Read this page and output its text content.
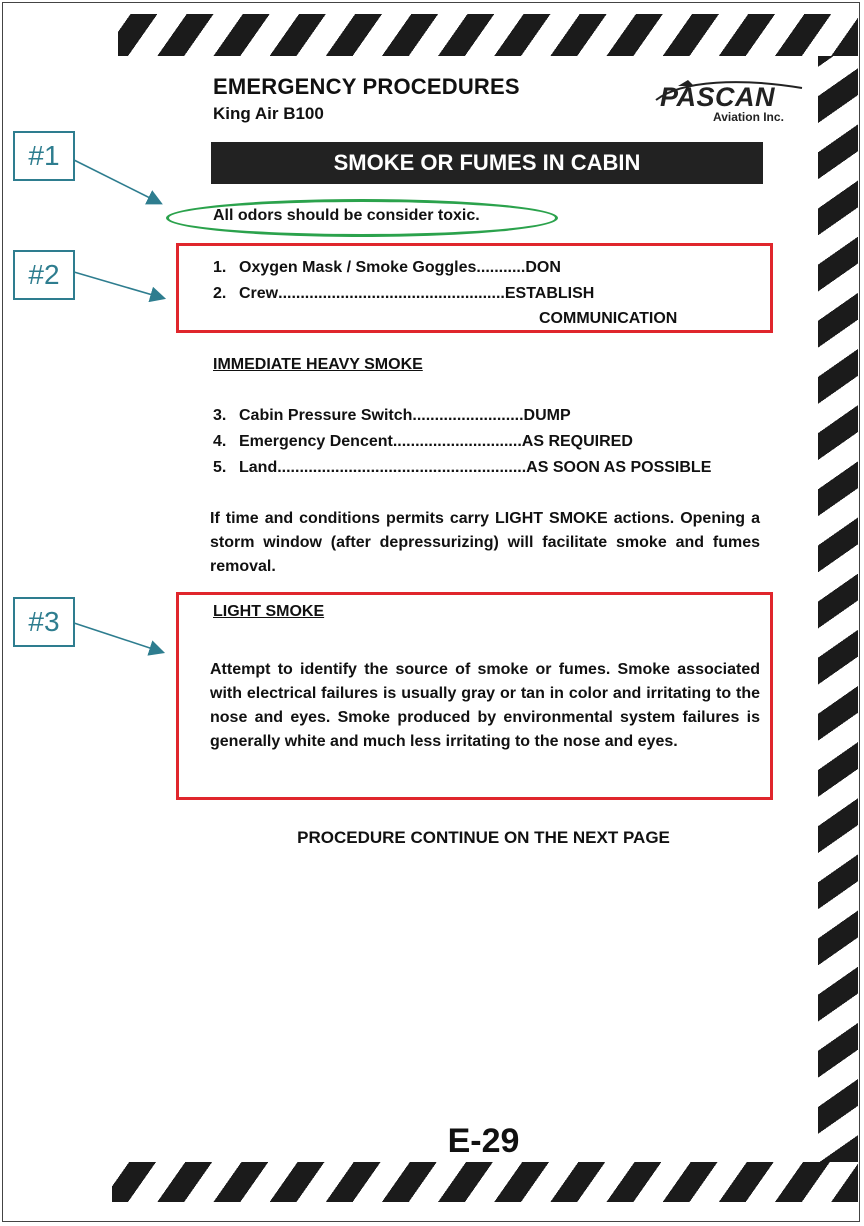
EMERGENCY PROCEDURES
King Air B100
PASCAN
Aviation Inc.
SMOKE OR FUMES IN CABIN
All odors should be consider toxic.
1. Oxygen Mask / Smoke Goggles ........... DON
2. Crew ................................................... ESTABLISH
COMMUNICATION
IMMEDIATE HEAVY SMOKE
3. Cabin Pressure Switch ......................... DUMP
4. Emergency Dencent ............................. AS REQUIRED
5. Land ........................................................ AS SOON AS POSSIBLE
If time and conditions permits carry LIGHT SMOKE actions. Opening a storm window (after depressurizing) will facilitate smoke and fumes removal.
LIGHT SMOKE
Attempt to identify the source of smoke or fumes. Smoke associated with electrical failures is usually gray or tan in color and irritating to the nose and eyes. Smoke produced by environmental system failures is generally white and much less irritating to the nose and eyes.
PROCEDURE CONTINUE ON THE NEXT PAGE
E-29
#1
#2
#3
